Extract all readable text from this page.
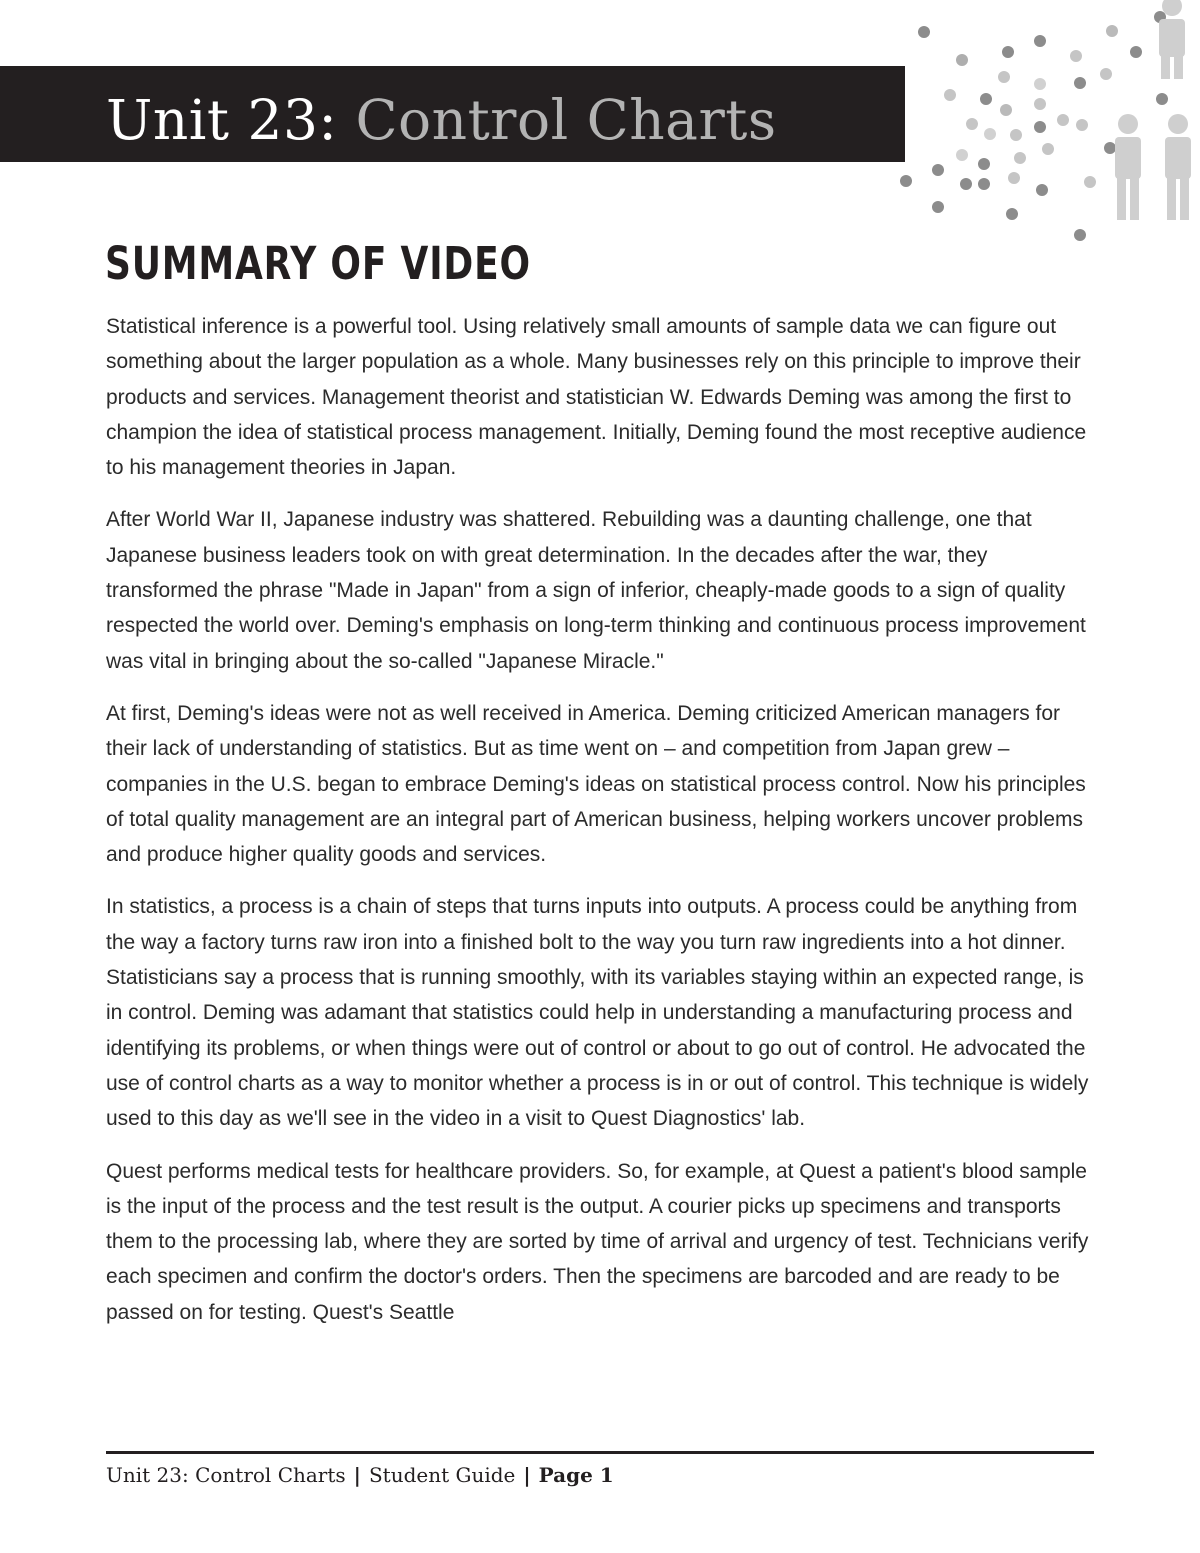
Unit 23: Control Charts
SUMMARY OF VIDEO

Statistical inference is a powerful tool. Using relatively small amounts of sample data we can figure out something about the larger population as a whole. Many businesses rely on this principle to improve their products and services. Management theorist and statistician W. Edwards Deming was among the first to champion the idea of statistical process management. Initially, Deming found the most receptive audience to his management theories in Japan.

After World War II, Japanese industry was shattered. Rebuilding was a daunting challenge, one that Japanese business leaders took on with great determination. In the decades after the war, they transformed the phrase "Made in Japan" from a sign of inferior, cheaply-made goods to a sign of quality respected the world over. Deming's emphasis on long-term thinking and continuous process improvement was vital in bringing about the so-called "Japanese Miracle."

At first, Deming's ideas were not as well received in America. Deming criticized American managers for their lack of understanding of statistics. But as time went on – and competition from Japan grew – companies in the U.S. began to embrace Deming's ideas on statistical process control. Now his principles of total quality management are an integral part of American business, helping workers uncover problems and produce higher quality goods and services.

In statistics, a process is a chain of steps that turns inputs into outputs. A process could be anything from the way a factory turns raw iron into a finished bolt to the way you turn raw ingredients into a hot dinner. Statisticians say a process that is running smoothly, with its variables staying within an expected range, is in control. Deming was adamant that statistics could help in understanding a manufacturing process and identifying its problems, or when things were out of control or about to go out of control. He advocated the use of control charts as a way to monitor whether a process is in or out of control. This technique is widely used to this day as we'll see in the video in a visit to Quest Diagnostics' lab.

Quest performs medical tests for healthcare providers. So, for example, at Quest a patient's blood sample is the input of the process and the test result is the output. A courier picks up specimens and transports them to the processing lab, where they are sorted by time of arrival and urgency of test. Technicians verify each specimen and confirm the doctor's orders. Then the specimens are barcoded and are ready to be passed on for testing. Quest's Seattle

Unit 23: Control Charts | Student Guide | Page 1
